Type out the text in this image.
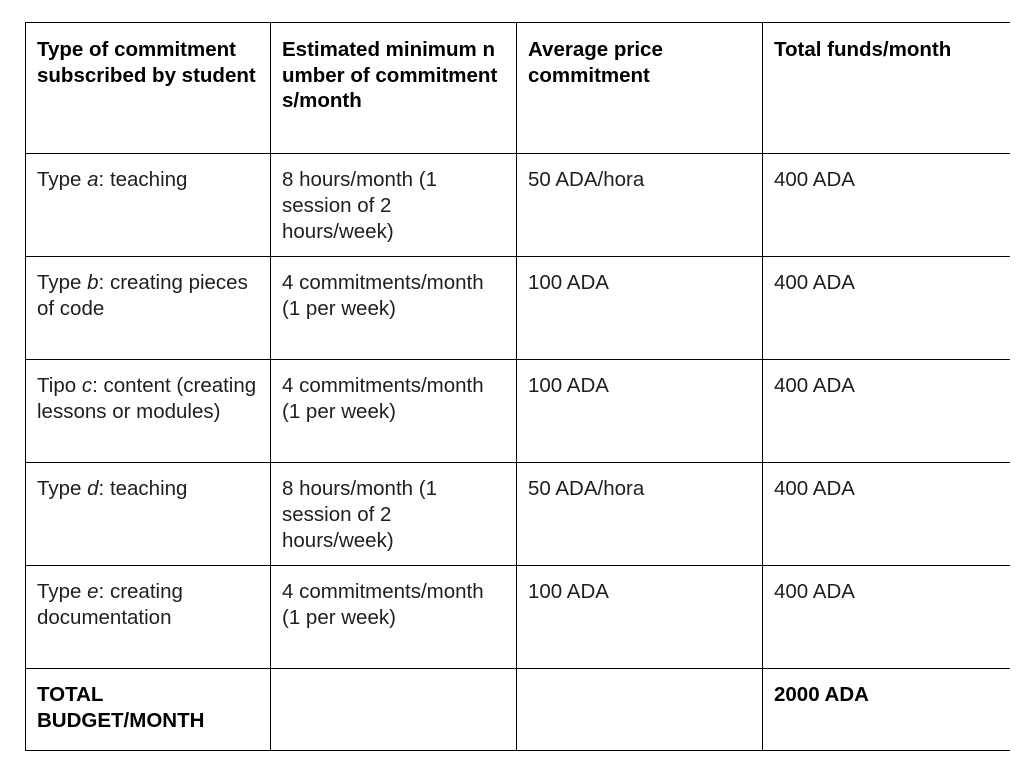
Type of commitment subscribed by student	Estimated minimum number of commitments/month	Average price commitment	Total funds/month
Type a: teaching	8 hours/month (1 session of 2 hours/week)	50 ADA/hora	400 ADA
Type b: creating pieces of code	4 commitments/month (1 per week)	100 ADA	400 ADA
Tipo c: content (creating lessons or modules)	4 commitments/month (1 per week)	100 ADA	400 ADA
Type d: teaching	8 hours/month (1 session of 2 hours/week)	50 ADA/hora	400 ADA
Type e: creating documentation	4 commitments/month (1 per week)	100 ADA	400 ADA
TOTAL BUDGET/MONTH			2000 ADA
